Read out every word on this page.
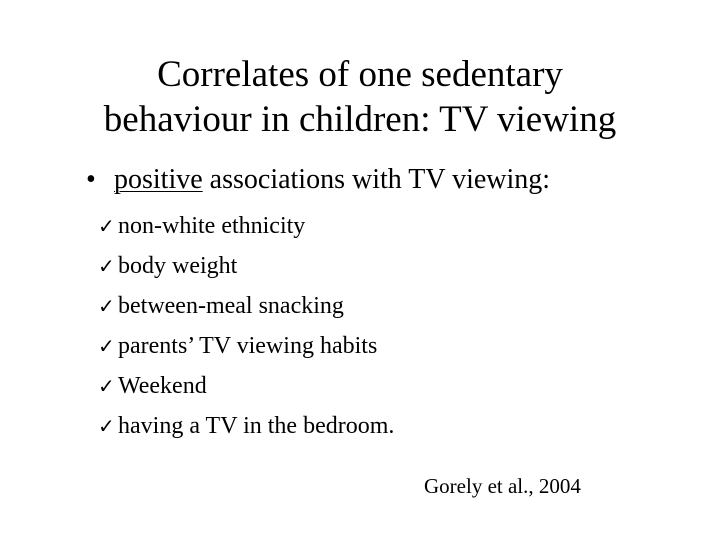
Correlates of one sedentary
behaviour in children: TV viewing
• positive associations with TV viewing:
✓ non-white ethnicity
✓ body weight
✓ between-meal snacking
✓ parents’ TV viewing habits
✓ Weekend
✓ having a TV in the bedroom.
Gorely et al., 2004
